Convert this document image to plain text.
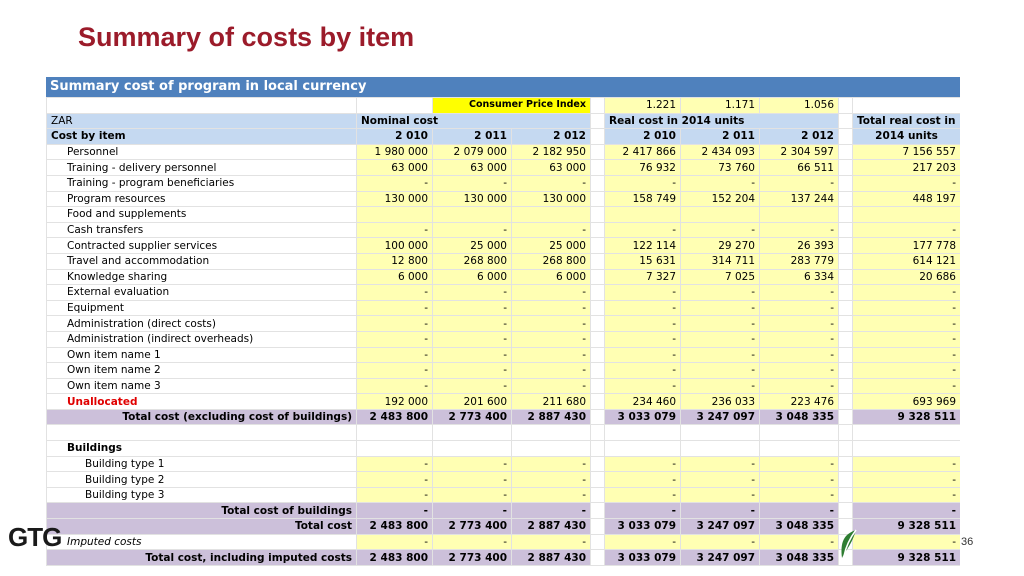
Summary of costs by item
Summary cost of program in local currency
		Consumer Price Index			1.221	1.171	1.056		
ZAR	Nominal cost				Real cost in 2014 units				Total real cost in
Cost by item	2 010	2 011	2 012		2 010	2 011	2 012		2014 units
Personnel	1 980 000	2 079 000	2 182 950		2 417 866	2 434 093	2 304 597		7 156 557
Training - delivery personnel	63 000	63 000	63 000		76 932	73 760	66 511		217 203
Training - program beneficiaries	-	-	-		-	-	-		-
Program resources	130 000	130 000	130 000		158 749	152 204	137 244		448 197
Food and supplements									
Cash transfers	-	-	-		-	-	-		-
Contracted supplier services	100 000	25 000	25 000		122 114	29 270	26 393		177 778
Travel and accommodation	12 800	268 800	268 800		15 631	314 711	283 779		614 121
Knowledge sharing	6 000	6 000	6 000		7 327	7 025	6 334		20 686
External evaluation	-	-	-		-	-	-		-
Equipment	-	-	-		-	-	-		-
Administration (direct costs)	-	-	-		-	-	-		-
Administration (indirect overheads)	-	-	-		-	-	-		-
Own item name 1	-	-	-		-	-	-		-
Own item name 2	-	-	-		-	-	-		-
Own item name 3	-	-	-		-	-	-		-
Unallocated	192 000	201 600	211 680		234 460	236 033	223 476		693 969
Total cost (excluding cost of buildings)	2 483 800	2 773 400	2 887 430		3 033 079	3 247 097	3 048 335		9 328 511

Buildings									
Building type 1	-	-	-		-	-	-		-
Building type 2	-	-	-		-	-	-		-
Building type 3	-	-	-		-	-	-		-
Total cost of buildings	-	-	-		-	-	-		-
Total cost	2 483 800	2 773 400	2 887 430		3 033 079	3 247 097	3 048 335		9 328 511
Imputed costs	-	-	-		-	-	-		-
Total cost, including imputed costs	2 483 800	2 773 400	2 887 430		3 033 079	3 247 097	3 048 335		9 328 511
GTG	36
